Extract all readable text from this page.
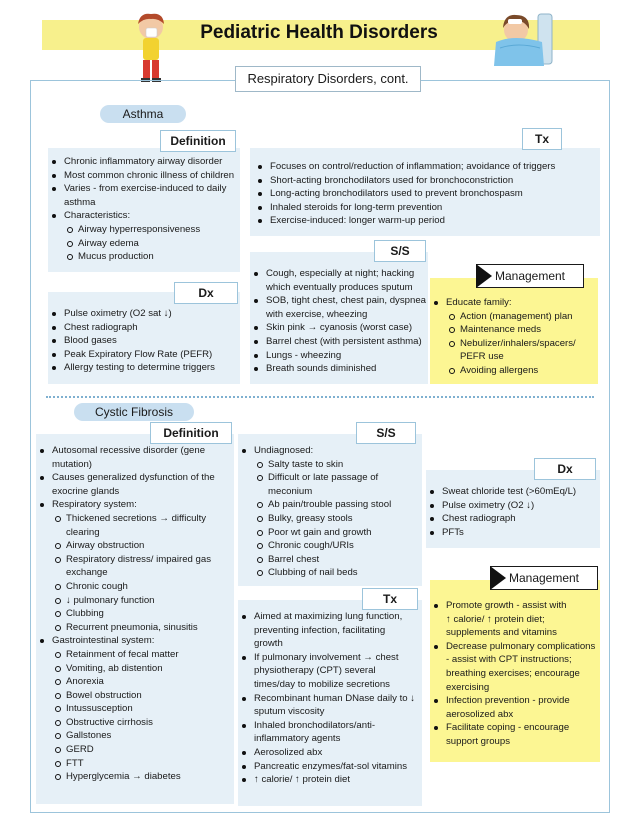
Pediatric Health Disorders
Respiratory Disorders, cont.
Asthma
Chronic inflammatory airway disorder
Most common chronic illness of children
Varies - from exercise-induced to daily
asthma
Characteristics:
Airway hyperresponsiveness
Airway edema
Mucus production
Definition
Focuses on control/reduction of inflammation; avoidance of triggers
Short-acting bronchodilators used for bronchoconstriction
Long-acting bronchodilators used to prevent bronchospasm
Inhaled steroids for long-term prevention
Exercise-induced: longer warm-up period
Tx
Cough, especially at night; hacking
which eventually produces sputum
SOB, tight chest, chest pain, dyspnea
with exercise, wheezing
Skin pink → cyanosis (worst case)
Barrel chest (with persistent asthma)
Lungs - wheezing
Breath sounds diminished
S/S
Pulse oximetry (O2 sat ↓)
Chest radiograph
Blood gases
Peak Expiratory Flow Rate (PEFR)
Allergy testing to determine triggers
Dx
Educate family:
Action (management) plan
Maintenance meds
Nebulizer/inhalers/spacers/
PEFR use
Avoiding allergens
Management
Cystic Fibrosis
Autosomal recessive disorder (gene
mutation)
Causes generalized dysfunction of the
exocrine glands
Respiratory system:
Thickened secretions → difficulty
clearing
Airway obstruction
Respiratory distress/ impaired gas
exchange
Chronic cough
↓ pulmonary function
Clubbing
Recurrent pneumonia, sinusitis
Gastrointestinal system:
Retainment of fecal matter
Vomiting, ab distention
Anorexia
Bowel obstruction
Intussusception
Obstructive cirrhosis
Gallstones
GERD
FTT
Hyperglycemia → diabetes
Definition
Undiagnosed:
Salty taste to skin
Difficult or late passage of
meconium
Ab pain/trouble passing stool
Bulky, greasy stools
Poor wt gain and growth
Chronic cough/URIs
Barrel chest
Clubbing of nail beds
S/S
Aimed at maximizing lung function,
preventing infection, facilitating
growth
If pulmonary involvement → chest
physiotherapy (CPT) several
times/day to mobilize secretions
Recombinant human DNase daily to ↓
sputum viscosity
Inhaled bronchodilators/anti-
inflammatory agents
Aerosolized abx
Pancreatic enzymes/fat-sol vitamins
↑ calorie/ ↑ protein diet
Tx
Sweat chloride test (>60mEq/L)
Pulse oximetry (O2 ↓)
Chest radiograph
PFTs
Dx
Promote growth - assist with
↑ calorie/ ↑ protein diet;
supplements and vitamins
Decrease pulmonary complications
- assist with CPT instructions;
breathing exercises; encourage
exercising
Infection prevention - provide
aerosolized abx
Facilitate coping - encourage
support groups
Management
